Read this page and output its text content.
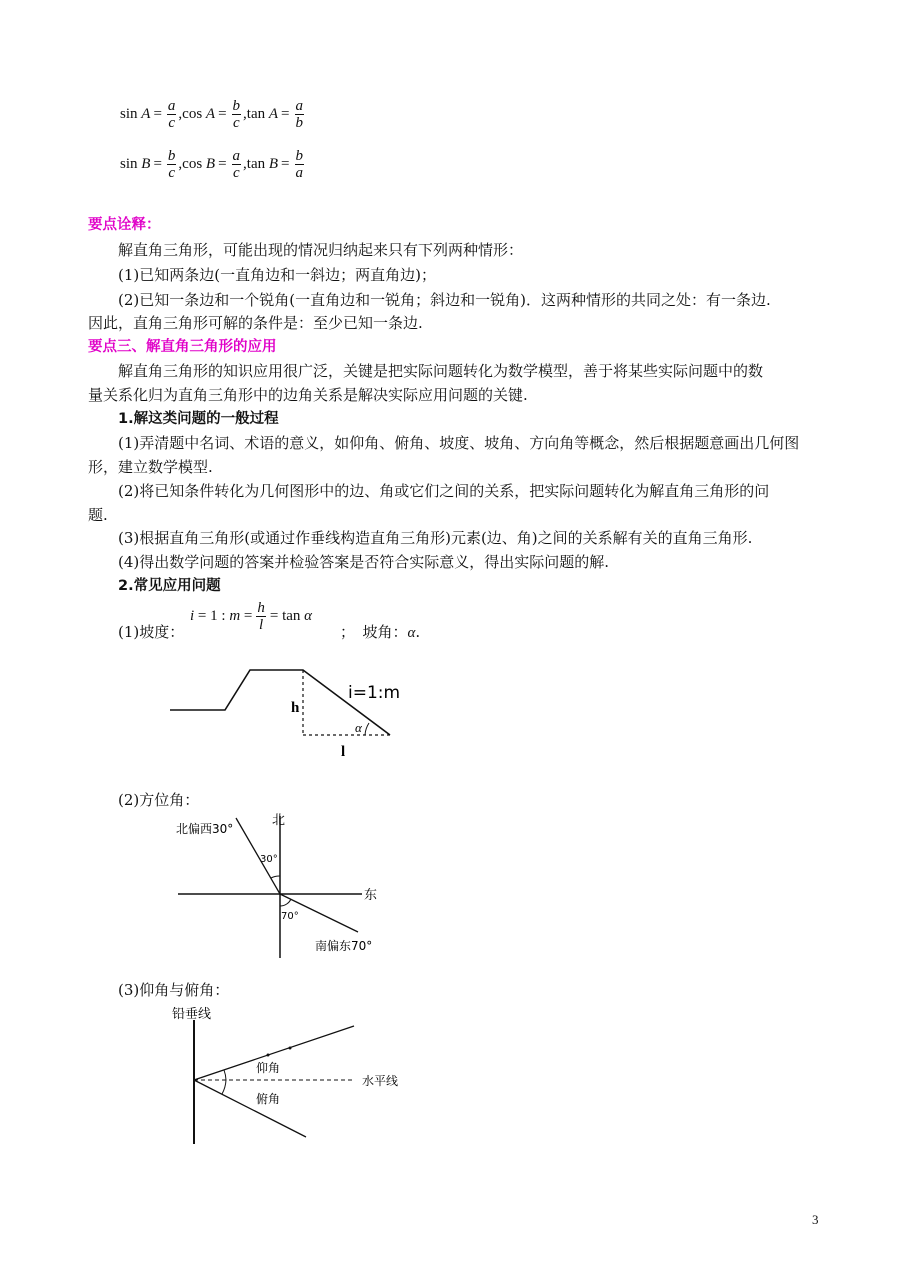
sin
$A = \frac{a}{c}$ , cos
$A = \frac{b}{c}$ , tan
$A = \frac{a}{b}$
sin
$B = \frac{b}{c}$ , cos
$B = \frac{a}{c}$ , tan
$B = \frac{b}{a}$
要点诠释：
解直角三角形，可能出现的情况归纳起来只有下列两种情形：
(1)已知两条边(一直角边和一斜边；两直角边)；
(2)已知一条边和一个锐角(一直角边和一锐角；斜边和一锐角)．这两种情形的共同之处：有一条边.
因此，直角三角形可解的条件是：至少已知一条边.
要点三、解直角三角形的应用
解直角三角形的知识应用很广泛，关键是把实际问题转化为数学模型，善于将某些实际问题中的数
量关系化归为直角三角形中的边角关系是解决实际应用问题的关键.
1.解这类问题的一般过程
(1)弄清题中名词、术语的意义，如仰角、俯角、坡度、坡角、方向角等概念，然后根据题意画出几何图
形，建立数学模型.
(2)将已知条件转化为几何图形中的边、角或它们之间的关系，把实际问题转化为解直角三角形的问
题.
(3)根据直角三角形(或通过作垂线构造直角三角形)元素(边、角)之间的关系解有关的直角三角形.
(4)得出数学问题的答案并检验答案是否符合实际意义，得出实际问题的解.
2.常见应用问题
(1)坡度：
i
= 1 :
m
= $\frac{h}{l} = \tan$
α
；　坡角：α.
i=1:m
h
α
l
(2)方位角：
北
东
北偏西30°
30°
70°
南偏东70°
(3)仰角与俯角：
铅垂线
仰角
水平线
俯角
3
